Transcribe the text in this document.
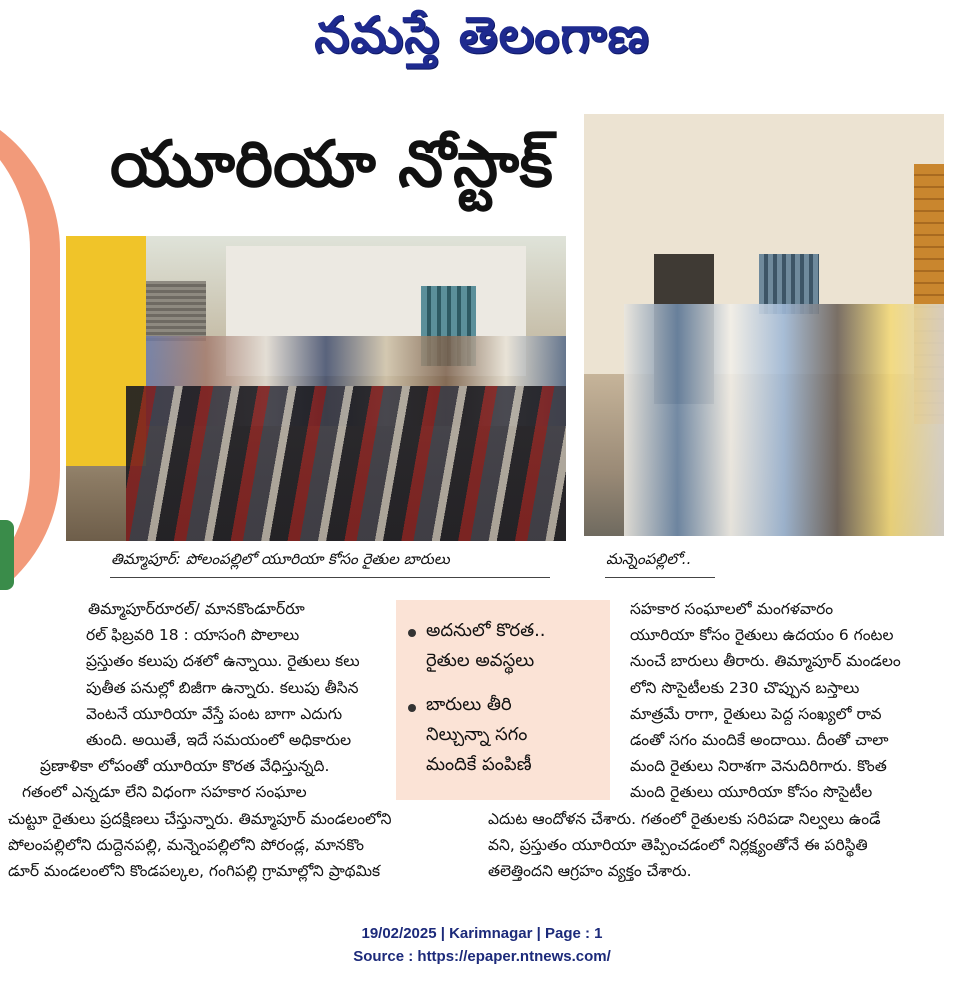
నమస్తే తెలంగాణ
యూరియా నోస్టాక్
తిమ్మాపూర్: పోలంపల్లిలో యూరియా కోసం రైతుల బారులు	మన్నెంపల్లిలో..
తిమ్మాపూర్‌రూరల్/ మానకొండూర్‌రూ
రల్ ఫిబ్రవరి 18 : యాసంగి పొలాలు
ప్రస్తుతం కలుపు దశలో ఉన్నాయి. రైతులు కలు
పుతీత పనుల్లో బిజీగా ఉన్నారు. కలుపు తీసిన
వెంటనే యూరియా వేస్తే పంట బాగా ఎదుగు
తుంది. అయితే, ఇదే సమయంలో అధికారుల
ప్రణాళికా లోపంతో యూరియా కొరత వేధిస్తున్నది.
గతంలో ఎన్నడూ లేని విధంగా సహకార సంఘాల
చుట్టూ రైతులు ప్రదక్షిణలు చేస్తున్నారు. తిమ్మాపూర్ మండలంలోని
పోలంపల్లిలోని దుద్దెనపల్లి, మన్నెంపల్లిలోని పోరండ్ల, మానకొం
డూర్ మండలంలోని కొండపల్కల, గంగిపల్లి గ్రామాల్లోని ప్రాథమిక
సహకార సంఘాలలో మంగళవారం
యూరియా కోసం రైతులు ఉదయం 6 గంటల
నుంచే బారులు తీరారు. తిమ్మాపూర్ మండలం
లోని సొసైటీలకు 230 చొప్పున బస్తాలు
మాత్రమే రాగా, రైతులు పెద్ద సంఖ్యలో రావ
డంతో సగం మందికే అందాయి. దీంతో చాలా
మంది రైతులు నిరాశగా వెనుదిరిగారు. కొంత
మంది రైతులు యూరియా కోసం సొసైటీల
ఎదుట ఆందోళన చేశారు. గతంలో రైతులకు సరిపడా నిల్వలు ఉండే
వని, ప్రస్తుతం యూరియా తెప్పించడంలో నిర్లక్ష్యంతోనే ఈ పరిస్థితి
తలెత్తిందని ఆగ్రహం వ్యక్తం చేశారు.
అదనులో కొరత..
రైతుల అవస్థలు
బారులు తీరి
నిల్చున్నా సగం
మందికే పంపిణీ
19/02/2025 | Karimnagar | Page : 1
Source : https://epaper.ntnews.com/
